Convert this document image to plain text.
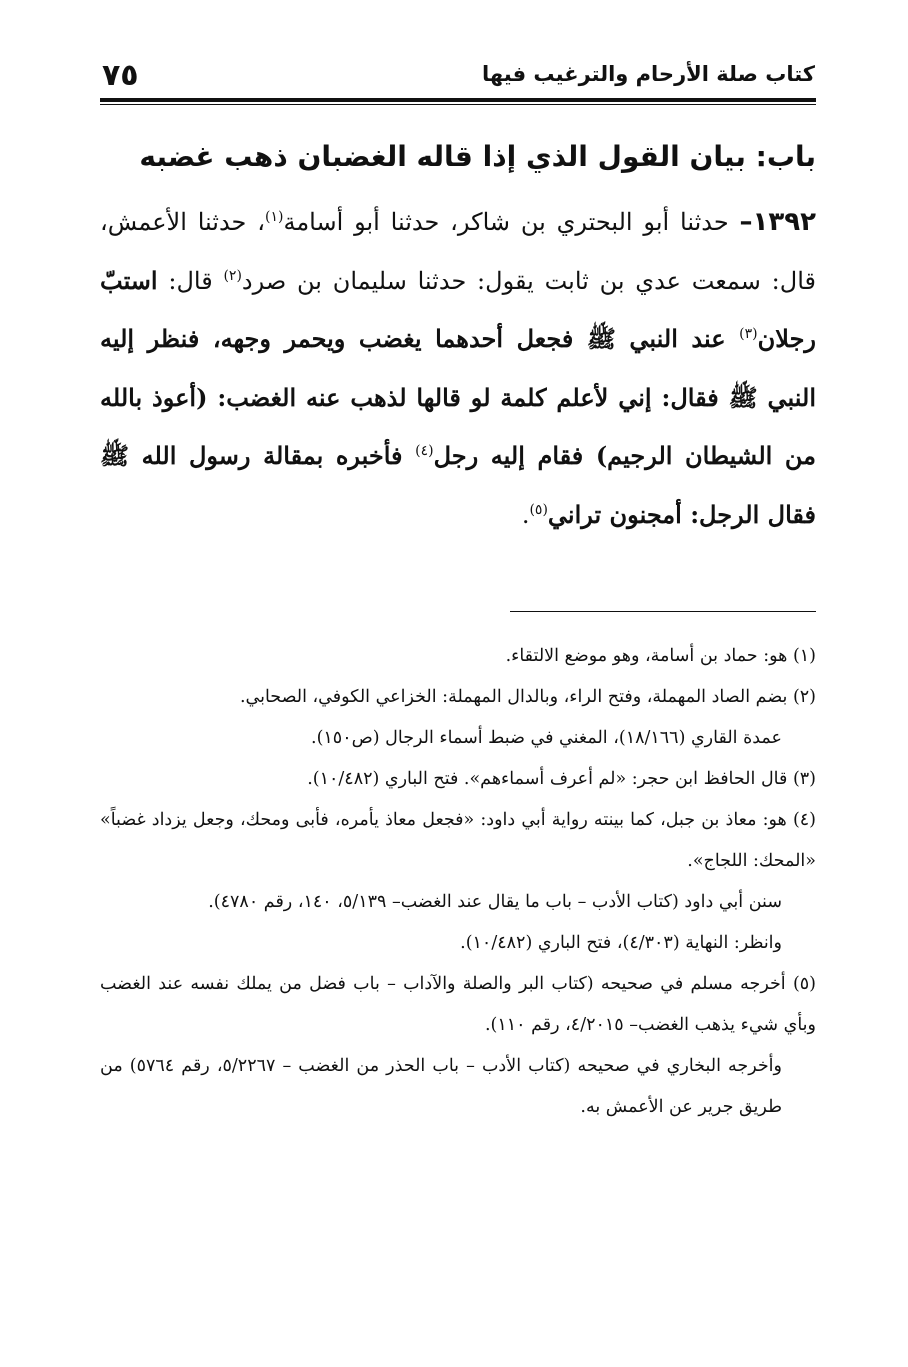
كتاب صلة الأرحام والترغيب فيها
٧٥
باب: بيان القول الذي إذا قاله الغضبان ذهب غضبه
١٣٩٢– حدثنا أبو البحتري بن شاكر، حدثنا أبو أسامة$^{(١)}$، حدثنا الأعمش، قال: سمعت عدي بن ثابت يقول: حدثنا سليمان بن صرد$^{(٢)}$ قال: استبّ رجلان$^{(٣)}$ عند النبي ﷺ فجعل أحدهما يغضب ويحمر وجهه، فنظر إليه النبي ﷺ فقال: إني لأعلم كلمة لو قالها لذهب عنه الغضب: (أعوذ بالله من الشيطان الرجيم) فقام إليه رجل$^{(٤)}$ فأخبره بمقالة رسول الله ﷺ فقال الرجل: أمجنون تراني$^{(٥)}$.

(١) هو: حماد بن أسامة، وهو موضع الالتقاء.

(٢) بضم الصاد المهملة، وفتح الراء، وبالدال المهملة: الخزاعي الكوفي، الصحابي.

عمدة القاري (١٨/١٦٦)، المغني في ضبط أسماء الرجال (ص١٥٠).

(٣) قال الحافظ ابن حجر: «لم أعرف أسماءهم». فتح الباري (١٠/٤٨٢).

(٤) هو: معاذ بن جبل، كما بينته رواية أبي داود: «فجعل معاذ يأمره، فأبى ومحك، وجعل يزداد غضباً» «المحك: اللجاج».

سنن أبي داود (كتاب الأدب – باب ما يقال عند الغضب– ٥/١٣٩، ١٤٠، رقم ٤٧٨٠).

وانظر: النهاية (٤/٣٠٣)، فتح الباري (١٠/٤٨٢).

(٥) أخرجه مسلم في صحيحه (كتاب البر والصلة والآداب – باب فضل من يملك نفسه عند الغضب وبأي شيء يذهب الغضب– ٤/٢٠١٥، رقم ١١٠).

وأخرجه البخاري في صحيحه (كتاب الأدب – باب الحذر من الغضب – ٥/٢٢٦٧، رقم ٥٧٦٤) من طريق جرير عن الأعمش به.
